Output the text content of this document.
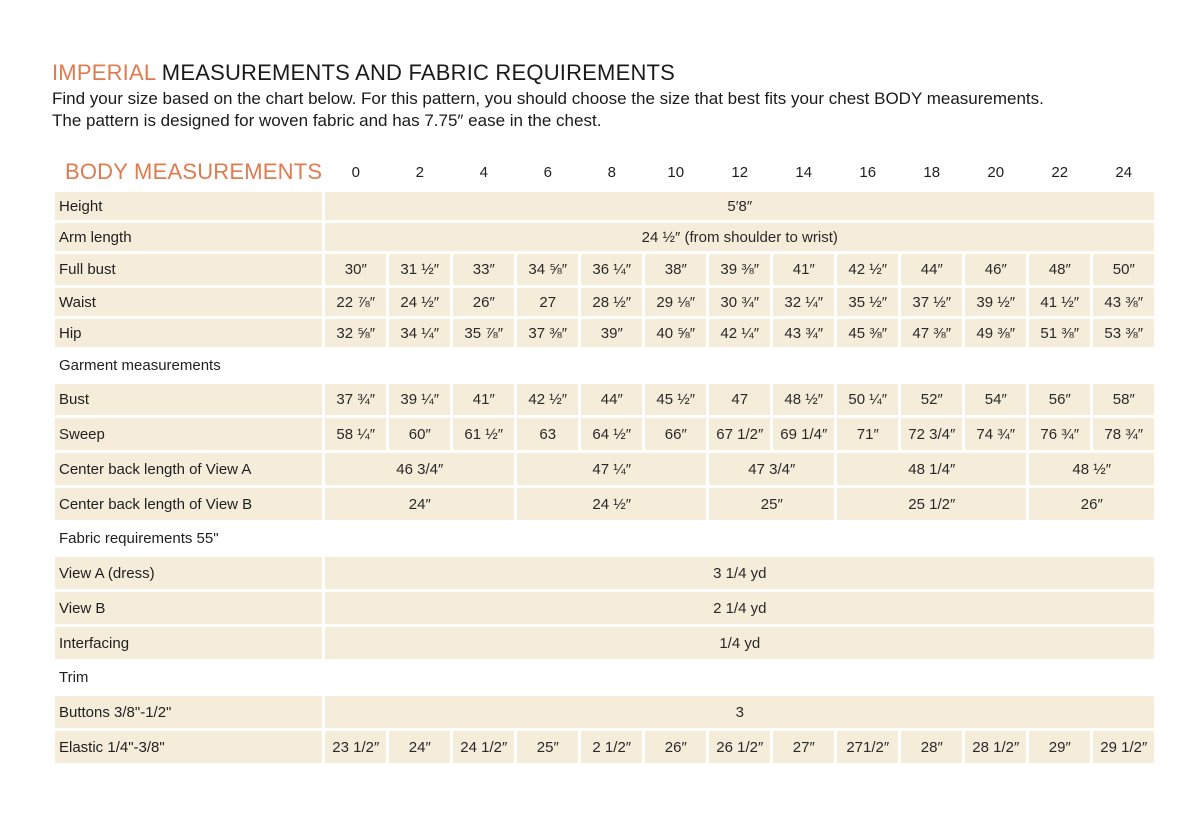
IMPERIAL MEASUREMENTS AND FABRIC REQUIREMENTS
Find your size based on the chart below. For this pattern, you should choose the size that best fits your chest BODY measurements.
The pattern is designed for woven fabric and has 7.75″ ease in the chest.
BODY MEASUREMENTS	0	2	4	6	8	10	12	14	16	18	20	22	24
Height	5′8″												
Arm length	24 ½″ (from shoulder to wrist)												
Full bust	30″	31 ½″	33″	34 ⅝″	36 ¼″	38″	39 ⅜″	41″	42 ½″	44″	46″	48″	50″
Waist	22 ⅞″	24 ½″	26″	27	28 ½″	29 ⅛″	30 ¾″	32 ¼″	35 ½″	37 ½″	39 ½″	41 ½″	43 ⅜″
Hip	32 ⅝″	34 ¼″	35 ⅞″	37 ⅜″	39″	40 ⅝″	42 ¼″	43 ¾″	45 ⅜″	47 ⅜″	49 ⅜″	51 ⅜″	53 ⅜″
Garment measurements													
Bust	37 ¾″	39 ¼″	41″	42 ½″	44″	45 ½″	47	48 ½″	50 ¼″	52″	54″	56″	58″
Sweep	58 ¼″	60″	61 ½″	63	64 ½″	66″	67 1/2″	69 1/4″	71″	72 3/4″	74 ¾″	76 ¾″	78 ¾″
Center back length of View A	46 3/4″			47 ¼″			47 3/4″		48 1/4″			48 ½″	
Center back length of View B	24″			24 ½″			25″		25 1/2″			26″	
Fabric requirements 55"													
View A (dress)	3 1/4 yd												
View B	2 1/4 yd												
Interfacing	1/4 yd												
Trim													
Buttons 3/8"-1/2"	3												
Elastic 1/4"-3/8"	23 1/2″	24″	24 1/2″	25″	2 1/2″	26″	26 1/2″	27″	271/2″	28″	28 1/2″	29″	29 1/2″
